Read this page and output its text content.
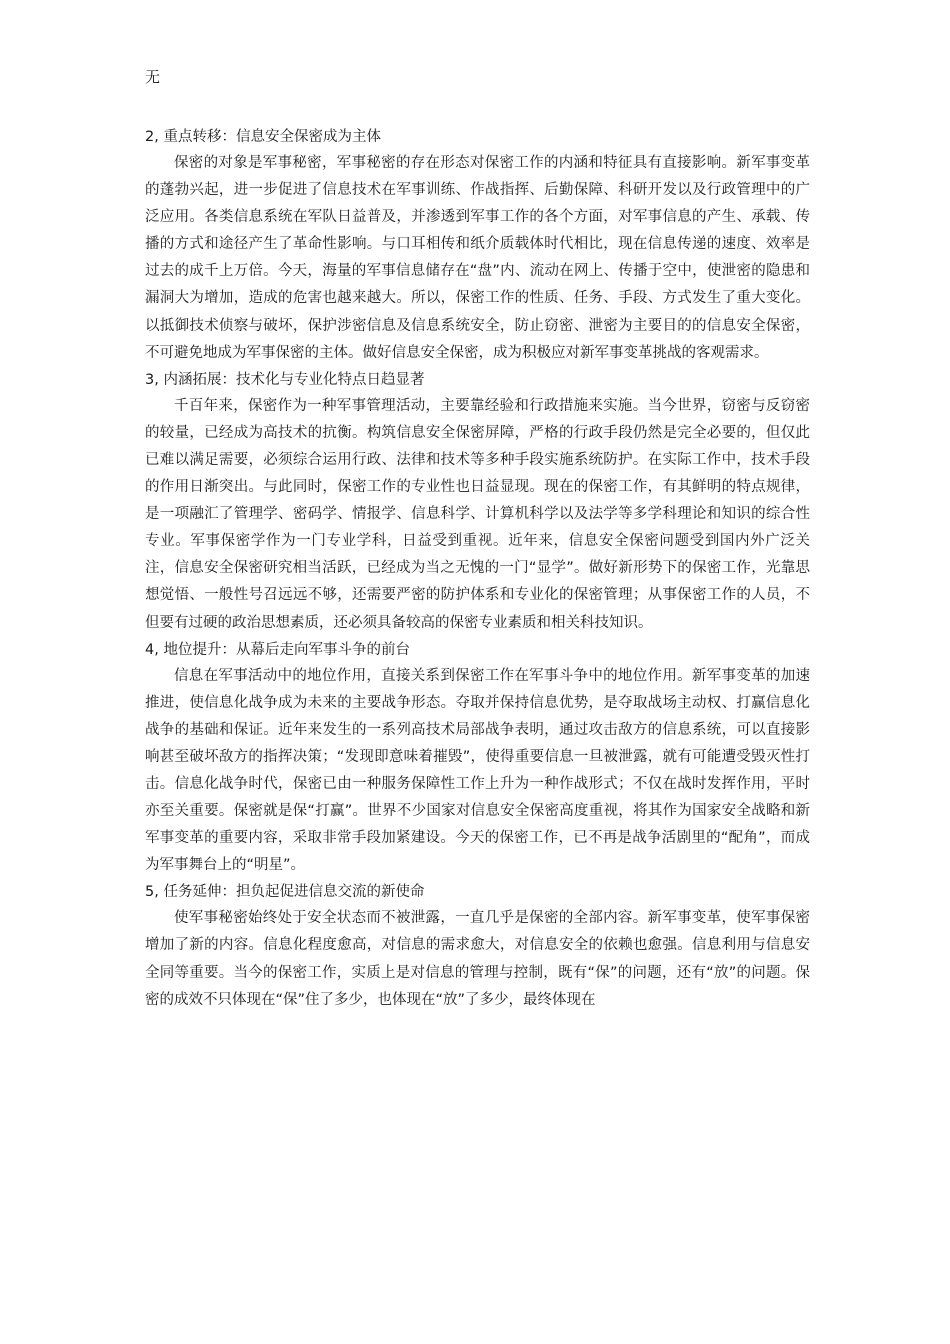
无

2, 重点转移：信息安全保密成为主体

保密的对象是军事秘密，军事秘密的存在形态对保密工作的内涵和特征具有直接影响。新军事变革的蓬勃兴起，进一步促进了信息技术在军事训练、作战指挥、后勤保障、科研开发以及行政管理中的广泛应用。各类信息系统在军队日益普及，并渗透到军事工作的各个方面，对军事信息的产生、承载、传播的方式和途径产生了革命性影响。与口耳相传和纸介质载体时代相比，现在信息传递的速度、效率是过去的成千上万倍。今天，海量的军事信息储存在“盘”内、流动在网上、传播于空中，使泄密的隐患和漏洞大为增加，造成的危害也越来越大。所以，保密工作的性质、任务、手段、方式发生了重大变化。以抵御技术侦察与破坏，保护涉密信息及信息系统安全，防止窃密、泄密为主要目的的信息安全保密，不可避免地成为军事保密的主体。做好信息安全保密，成为积极应对新军事变革挑战的客观需求。

3, 内涵拓展：技术化与专业化特点日趋显著

千百年来，保密作为一种军事管理活动，主要靠经验和行政措施来实施。当今世界，窃密与反窃密的较量，已经成为高技术的抗衡。构筑信息安全保密屏障，严格的行政手段仍然是完全必要的，但仅此已难以满足需要，必须综合运用行政、法律和技术等多种手段实施系统防护。在实际工作中，技术手段的作用日渐突出。与此同时，保密工作的专业性也日益显现。现在的保密工作，有其鲜明的特点规律，是一项融汇了管理学、密码学、情报学、信息科学、计算机科学以及法学等多学科理论和知识的综合性专业。军事保密学作为一门专业学科，日益受到重视。近年来，信息安全保密问题受到国内外广泛关注，信息安全保密研究相当活跃，已经成为当之无愧的一门“显学”。做好新形势下的保密工作，光靠思想觉悟、一般性号召远远不够，还需要严密的防护体系和专业化的保密管理；从事保密工作的人员，不但要有过硬的政治思想素质，还必须具备较高的保密专业素质和相关科技知识。

4, 地位提升：从幕后走向军事斗争的前台

信息在军事活动中的地位作用，直接关系到保密工作在军事斗争中的地位作用。新军事变革的加速推进，使信息化战争成为未来的主要战争形态。夺取并保持信息优势，是夺取战场主动权、打赢信息化战争的基础和保证。近年来发生的一系列高技术局部战争表明，通过攻击敌方的信息系统，可以直接影响甚至破坏敌方的指挥决策；“发现即意味着摧毁”，使得重要信息一旦被泄露，就有可能遭受毁灭性打击。信息化战争时代，保密已由一种服务保障性工作上升为一种作战形式；不仅在战时发挥作用，平时亦至关重要。保密就是保“打赢”。世界不少国家对信息安全保密高度重视，将其作为国家安全战略和新军事变革的重要内容，采取非常手段加紧建设。今天的保密工作，已不再是战争活剧里的“配角”，而成为军事舞台上的“明星”。

5, 任务延伸：担负起促进信息交流的新使命

使军事秘密始终处于安全状态而不被泄露，一直几乎是保密的全部内容。新军事变革，使军事保密增加了新的内容。信息化程度愈高，对信息的需求愈大，对信息安全的依赖也愈强。信息利用与信息安全同等重要。当今的保密工作，实质上是对信息的管理与控制，既有“保”的问题，还有“放”的问题。保密的成效不只体现在“保”住了多少，也体现在“放”了多少，最终体现在
